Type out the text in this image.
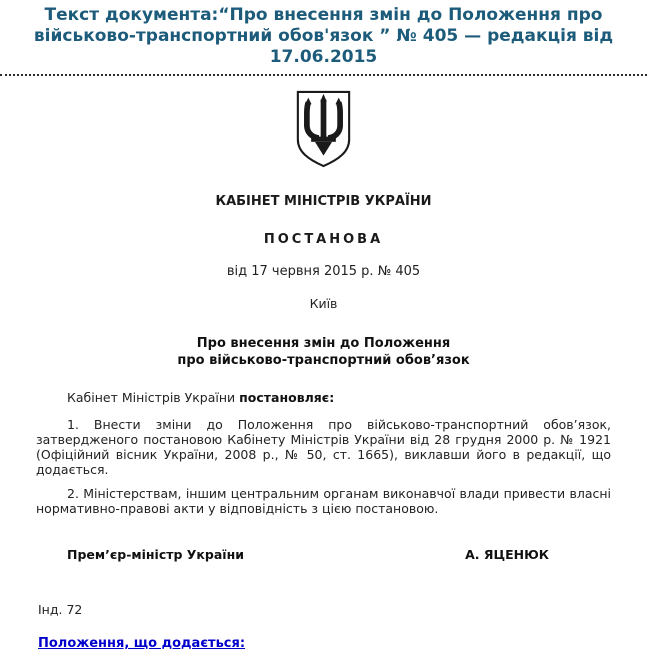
Текст документа:“Про внесення змін до Положення про військово-транспортний обов'язок ” № 405 — редакція від 17.06.2015
КАБІНЕТ МІНІСТРІВ УКРАЇНИ
ПОСТАНОВА
від 17 червня 2015 р. № 405
Київ
Про внесення змін до Положення
про військово-транспортний обов’язок

Кабінет Міністрів України постановляє:

1. Внести зміни до Положення про військово-транспортний обов’язок, затвердженого постановою Кабінету Міністрів України від 28 грудня 2000 р. № 1921 (Офіційний вісник України, 2008 р., № 50, ст. 1665), виклавши його в редакції, що додається.

2. Міністерствам, іншим центральним органам виконавчої влади привести власні нормативно-правові акти у відповідність з цією постановою.

Прем’єр-міністр України	А. ЯЦЕНЮК
Інд. 72
Положення, що додається:
